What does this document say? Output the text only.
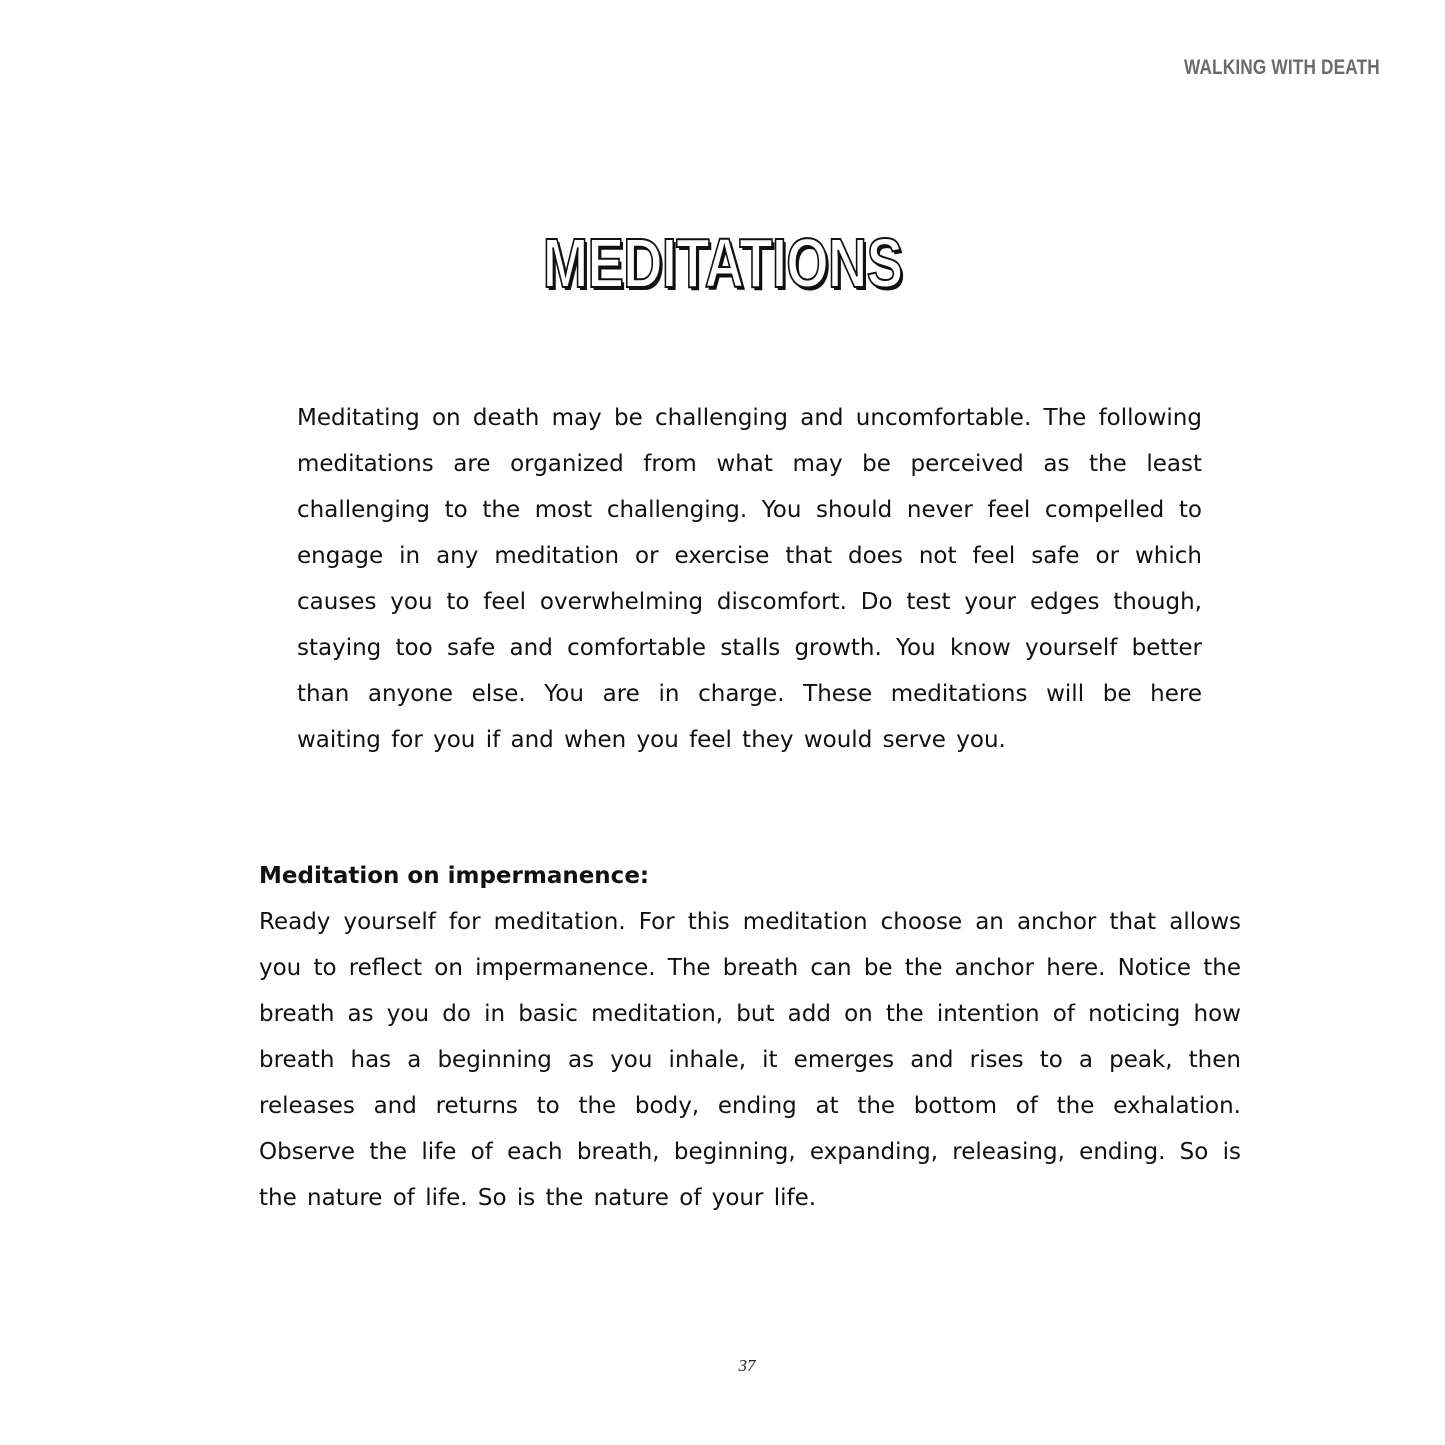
WALKING WITH DEATH
MEDITATIONS

Meditating on death may be challenging and uncomfortable. The following meditations are organized from what may be perceived as the least challenging to the most challenging. You should never feel compelled to engage in any meditation or exercise that does not feel safe or which causes you to feel overwhelming discomfort. Do test your edges though, staying too safe and comfortable stalls growth. You know yourself better than anyone else. You are in charge. These meditations will be here waiting for you if and when you feel they would serve you.

Meditation on impermanence:

Ready yourself for meditation. For this meditation choose an anchor that allows you to reflect on impermanence. The breath can be the anchor here. Notice the breath as you do in basic meditation, but add on the intention of noticing how breath has a beginning as you inhale, it emerges and rises to a peak, then releases and returns to the body, ending at the bottom of the exhalation. Observe the life of each breath, beginning, expanding, releasing, ending. So is the nature of life. So is the nature of your life.

37
